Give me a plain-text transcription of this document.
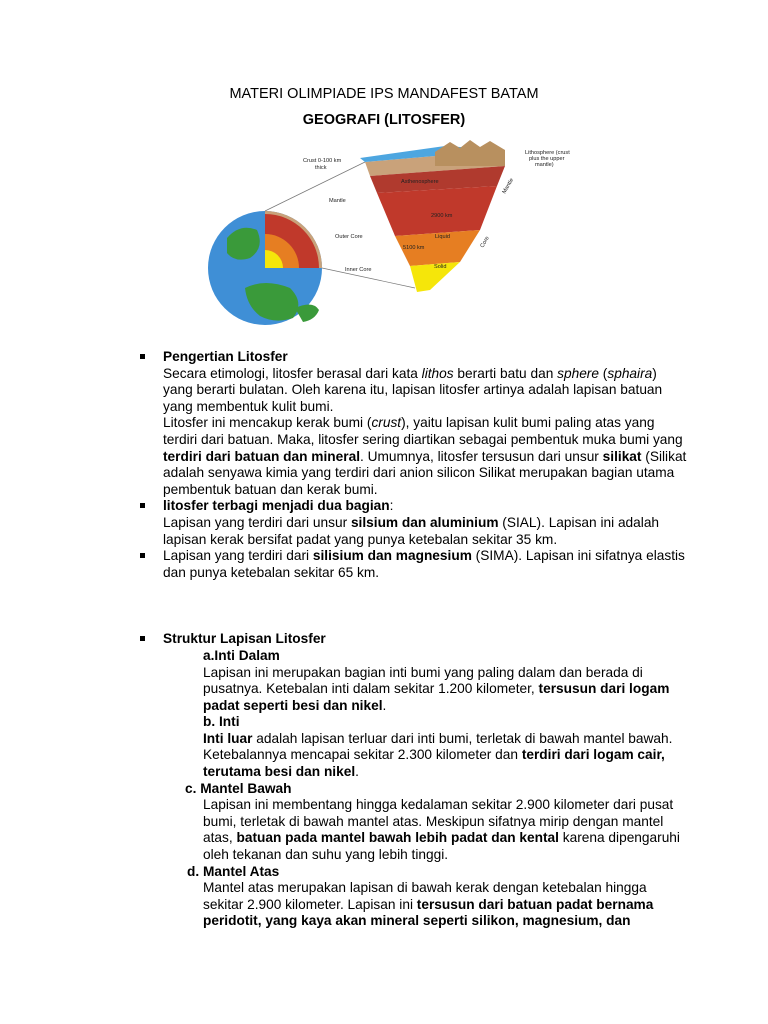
MATERI OLIMPIADE IPS MANDAFEST BATAM
GEOGRAFI (LITOSFER)
Crust 0-100 km
thick
Lithosphere (crust
plus the upper
mantle)
Asthenosphere
Mantle
Mantle
2900 km
Outer Core	Liquid
5100 km	Core
Inner Core	Solid
Pengertian Litosfer
Secara etimologi, litosfer berasal dari kata lithos berarti batu dan sphere (sphaira) yang berarti bulatan. Oleh karena itu, lapisan litosfer artinya adalah lapisan batuan yang membentuk kulit bumi.
Litosfer ini mencakup kerak bumi (crust), yaitu lapisan kulit bumi paling atas yang terdiri dari batuan. Maka, litosfer sering diartikan sebagai pembentuk muka bumi yang terdiri dari batuan dan mineral. Umumnya, litosfer tersusun dari unsur silikat (Silikat adalah senyawa kimia yang terdiri dari anion silicon Silikat merupakan bagian utama pembentuk batuan dan kerak bumi.
litosfer terbagi menjadi dua bagian:
Lapisan yang terdiri dari unsur silsium dan aluminium (SIAL). Lapisan ini adalah lapisan kerak bersifat padat yang punya ketebalan sekitar 35 km.
Lapisan yang terdiri dari silisium dan magnesium (SIMA). Lapisan ini sifatnya elastis dan punya ketebalan sekitar 65 km.
Struktur Lapisan Litosfer
a.Inti Dalam
Lapisan ini merupakan bagian inti bumi yang paling dalam dan berada di pusatnya. Ketebalan inti dalam sekitar 1.200 kilometer, tersusun dari logam padat seperti besi dan nikel.
b. Inti
Inti luar adalah lapisan terluar dari inti bumi, terletak di bawah mantel bawah. Ketebalannya mencapai sekitar 2.300 kilometer dan terdiri dari logam cair, terutama besi dan nikel.
c. Mantel Bawah
Lapisan ini membentang hingga kedalaman sekitar 2.900 kilometer dari pusat bumi, terletak di bawah mantel atas. Meskipun sifatnya mirip dengan mantel atas, batuan pada mantel bawah lebih padat dan kental karena dipengaruhi oleh tekanan dan suhu yang lebih tinggi.
d. Mantel Atas
Mantel atas merupakan lapisan di bawah kerak dengan ketebalan hingga sekitar 2.900 kilometer. Lapisan ini tersusun dari batuan padat bernama peridotit, yang kaya akan mineral seperti silikon, magnesium, dan
